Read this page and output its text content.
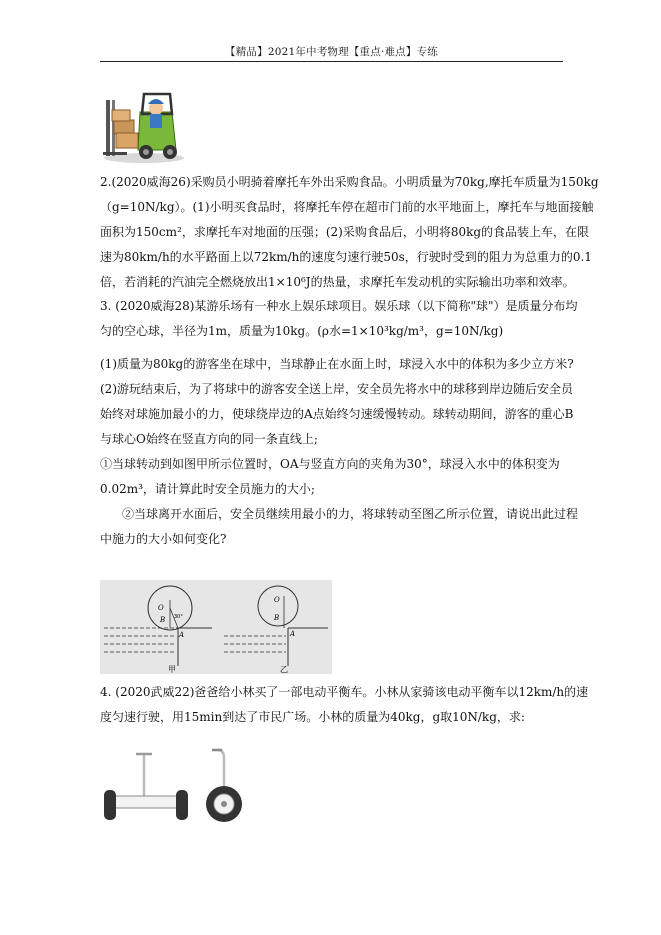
【精品】2021年中考物理【重点·难点】专练
2.(2020威海26)采购员小明骑着摩托车外出采购食品。小明质量为70kg,摩托车质量为150kg
（g=10N/kg）。(1)小明买食品时，将摩托车停在超市门前的水平地面上，摩托车与地面接触
面积为150cm²，求摩托车对地面的压强；(2)采购食品后，小明将80kg的食品装上车，在限
速为80km/h的水平路面上以72km/h的速度匀速行驶50s，行驶时受到的阻力为总重力的0.1
倍，若消耗的汽油完全燃烧放出1×10⁶J的热量，求摩托车发动机的实际输出功率和效率。
3. (2020威海28)某游乐场有一种水上娱乐球项目。娱乐球（以下简称"球"）是质量分布均
匀的空心球，半径为1m，质量为10kg。(ρ水=1×10³kg/m³，g=10N/kg)
(1)质量为80kg的游客坐在球中，当球静止在水面上时，球浸入水中的体积为多少立方米?
(2)游玩结束后，为了将球中的游客安全送上岸，安全员先将水中的球移到岸边随后安全员
始终对球施加最小的力，使球绕岸边的A点始终匀速缓慢转动。球转动期间，游客的重心B
与球心O始终在竖直方向的同一条直线上;
①当球转动到如图甲所示位置时，OA与竖直方向的夹角为30°，球浸入水中的体积变为
0.02m³，请计算此时安全员施力的大小;
②当球离开水面后，安全员继续用最小的力，将球转动至图乙所示位置，请说出此过程
中施力的大小如何变化?
O
B
A
30°
甲
O
B
A
乙
4. (2020武威22)爸爸给小林买了一部电动平衡车。小林从家骑该电动平衡车以12km/h的速
度匀速行驶，用15min到达了市民广场。小林的质量为40kg，g取10N/kg，求:
